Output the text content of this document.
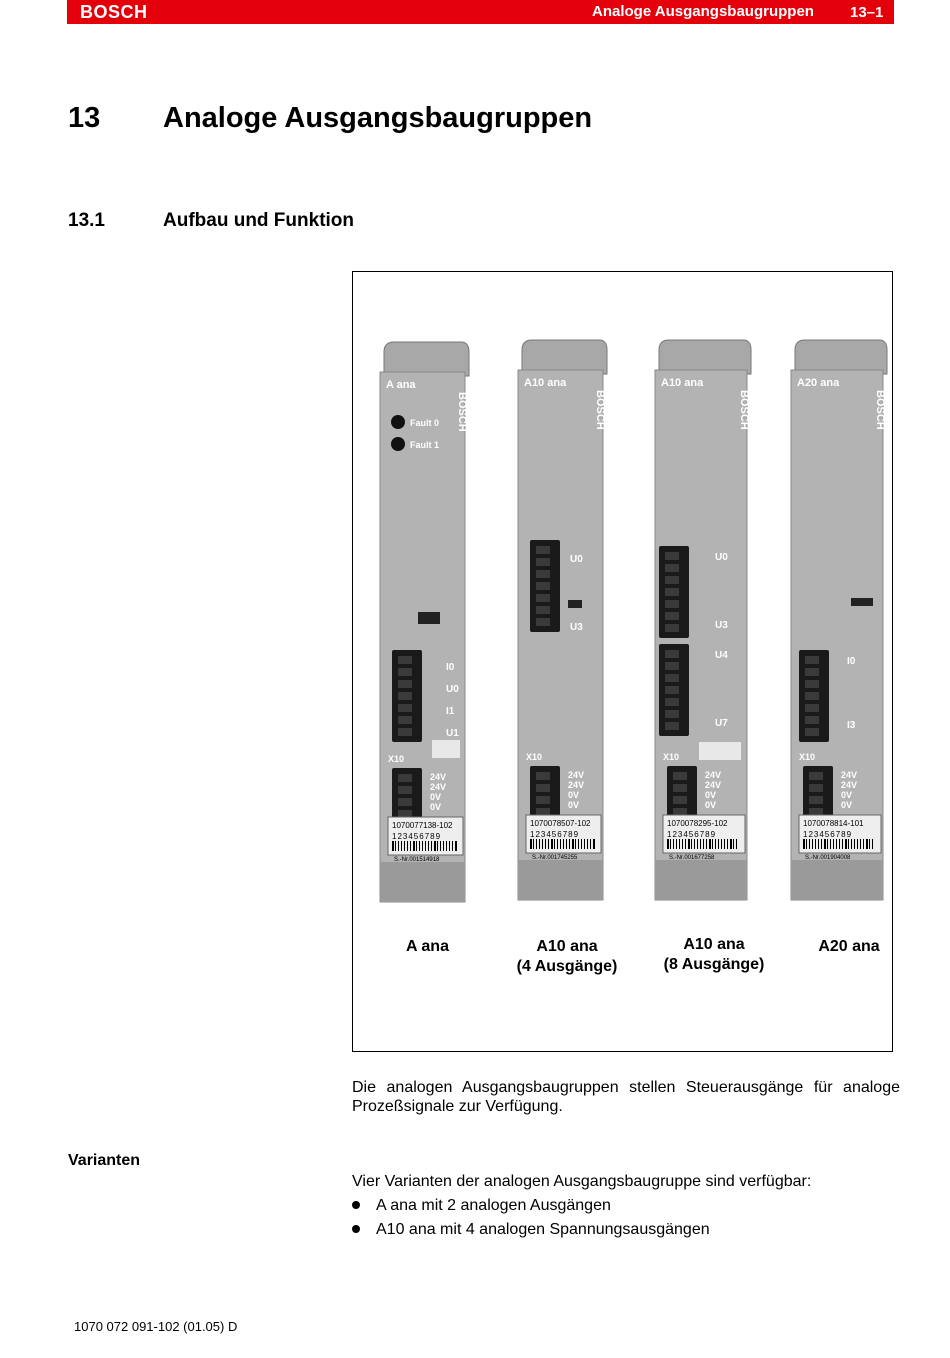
BOSCH	Analoge Ausgangsbaugruppen 13–1
13 Analoge Ausgangsbaugruppen
13.1	Aufbau und Funktion
A ana
BOSCH
X10
24V
24V
0V
0V
1070077138-102
123456789
S.-Nr.001514918
A10 ana
BOSCH
X10
24V
24V
0V
0V
1070078507-102
123456789
S.-Nr.001745255
A10 ana
BOSCH
X10
24V
24V
0V
0V
1070078295-102
123456789
S.-Nr.001677258
A20 ana
BOSCH
X10
24V
24V
0V
0V
1070078814-101
123456789
S.-Nr.001904008
Fault 0
Fault 1
I0
U0
I1
U1
U0
U3
U0
U3
U4
U7
I0
I3
A ana	A10 ana
(4 Ausgänge)
A10 ana
(8 Ausgänge)
A20 ana
Die analogen Ausgangsbaugruppen stellen Steuerausgänge für analoge Prozeßsignale zur Verfügung.
Varianten
Vier Varianten der analogen Ausgangsbaugruppe sind verfügbar:
A ana mit 2 analogen Ausgängen
A10 ana mit 4 analogen Spannungsausgängen
1070 072 091-102 (01.05) D
